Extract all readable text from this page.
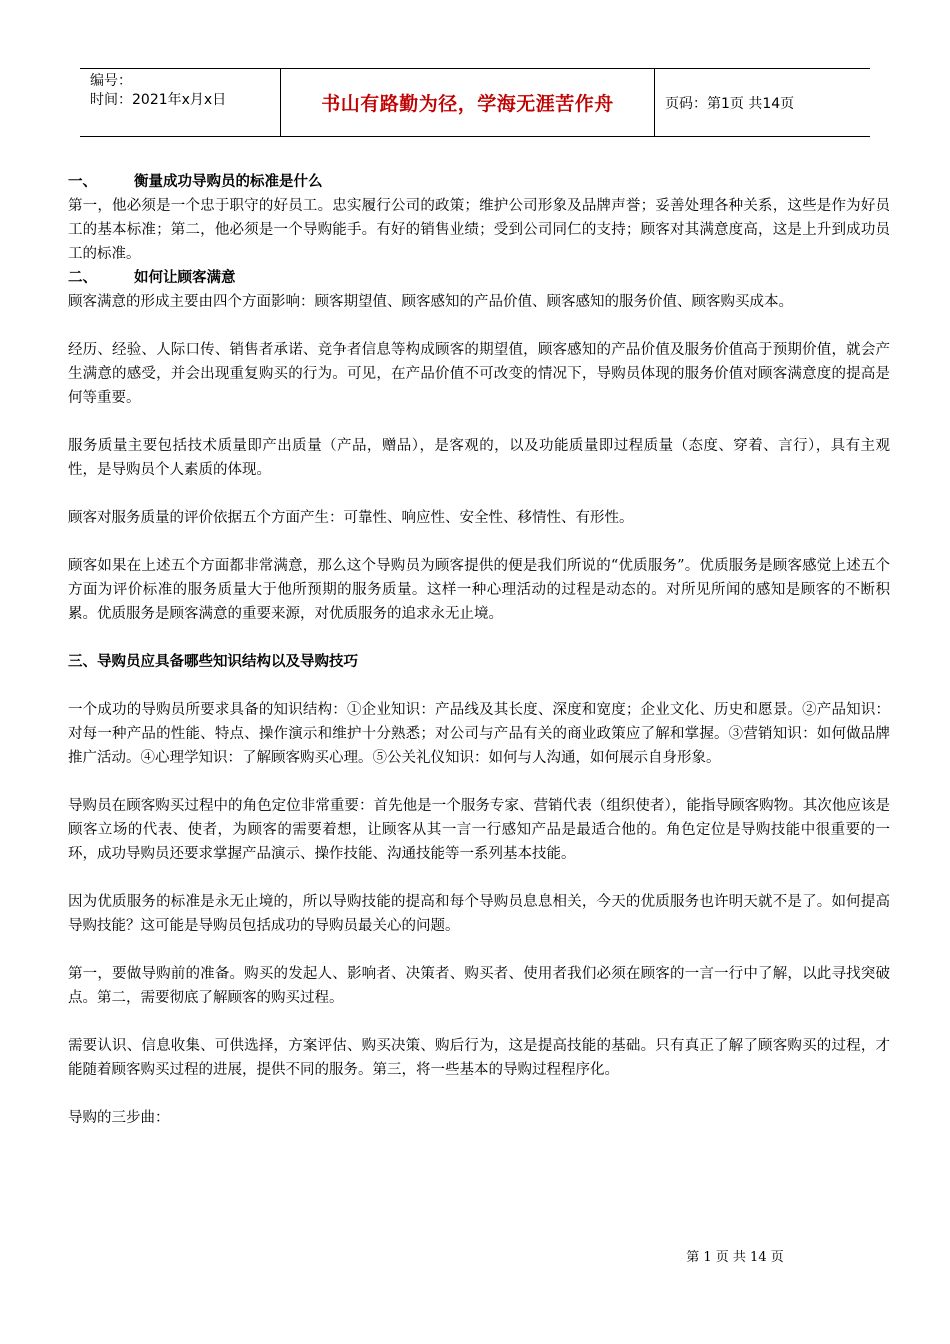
编号：
时间：2021年x月x日	书山有路勤为径，学海无涯苦作舟	页码：第1页 共14页

一、	衡量成功导购员的标准是什么

第一，他必须是一个忠于职守的好员工。忠实履行公司的政策；维护公司形象及品牌声誉；妥善处理各种关系，这些是作为好员工的基本标准；第二，他必须是一个导购能手。有好的销售业绩；受到公司同仁的支持；顾客对其满意度高，这是上升到成功员工的标准。

二、	如何让顾客满意

顾客满意的形成主要由四个方面影响：顾客期望值、顾客感知的产品价值、顾客感知的服务价值、顾客购买成本。

经历、经验、人际口传、销售者承诺、竞争者信息等构成顾客的期望值，顾客感知的产品价值及服务价值高于预期价值，就会产生满意的感受，并会出现重复购买的行为。可见，在产品价值不可改变的情况下，导购员体现的服务价值对顾客满意度的提高是何等重要。

服务质量主要包括技术质量即产出质量（产品，赠品），是客观的，以及功能质量即过程质量（态度、穿着、言行），具有主观性，是导购员个人素质的体现。

顾客对服务质量的评价依据五个方面产生：可靠性、响应性、安全性、移情性、有形性。

顾客如果在上述五个方面都非常满意，那么这个导购员为顾客提供的便是我们所说的“优质服务”。优质服务是顾客感觉上述五个方面为评价标准的服务质量大于他所预期的服务质量。这样一种心理活动的过程是动态的。对所见所闻的感知是顾客的不断积累。优质服务是顾客满意的重要来源，对优质服务的追求永无止境。

三、导购员应具备哪些知识结构以及导购技巧

一个成功的导购员所要求具备的知识结构：①企业知识：产品线及其长度、深度和宽度；企业文化、历史和愿景。②产品知识：对每一种产品的性能、特点、操作演示和维护十分熟悉；对公司与产品有关的商业政策应了解和掌握。③营销知识：如何做品牌推广活动。④心理学知识：了解顾客购买心理。⑤公关礼仪知识：如何与人沟通，如何展示自身形象。

导购员在顾客购买过程中的角色定位非常重要：首先他是一个服务专家、营销代表（组织使者），能指导顾客购物。其次他应该是顾客立场的代表、使者，为顾客的需要着想，让顾客从其一言一行感知产品是最适合他的。角色定位是导购技能中很重要的一环，成功导购员还要求掌握产品演示、操作技能、沟通技能等一系列基本技能。

因为优质服务的标准是永无止境的，所以导购技能的提高和每个导购员息息相关，今天的优质服务也许明天就不是了。如何提高导购技能？这可能是导购员包括成功的导购员最关心的问题。

第一，要做导购前的准备。购买的发起人、影响者、决策者、购买者、使用者我们必须在顾客的一言一行中了解，以此寻找突破点。第二，需要彻底了解顾客的购买过程。

需要认识、信息收集、可供选择，方案评估、购买决策、购后行为，这是提高技能的基础。只有真正了解了顾客购买的过程，才能随着顾客购买过程的进展，提供不同的服务。第三，将一些基本的导购过程程序化。

导购的三步曲：

第 1 页 共 14 页
